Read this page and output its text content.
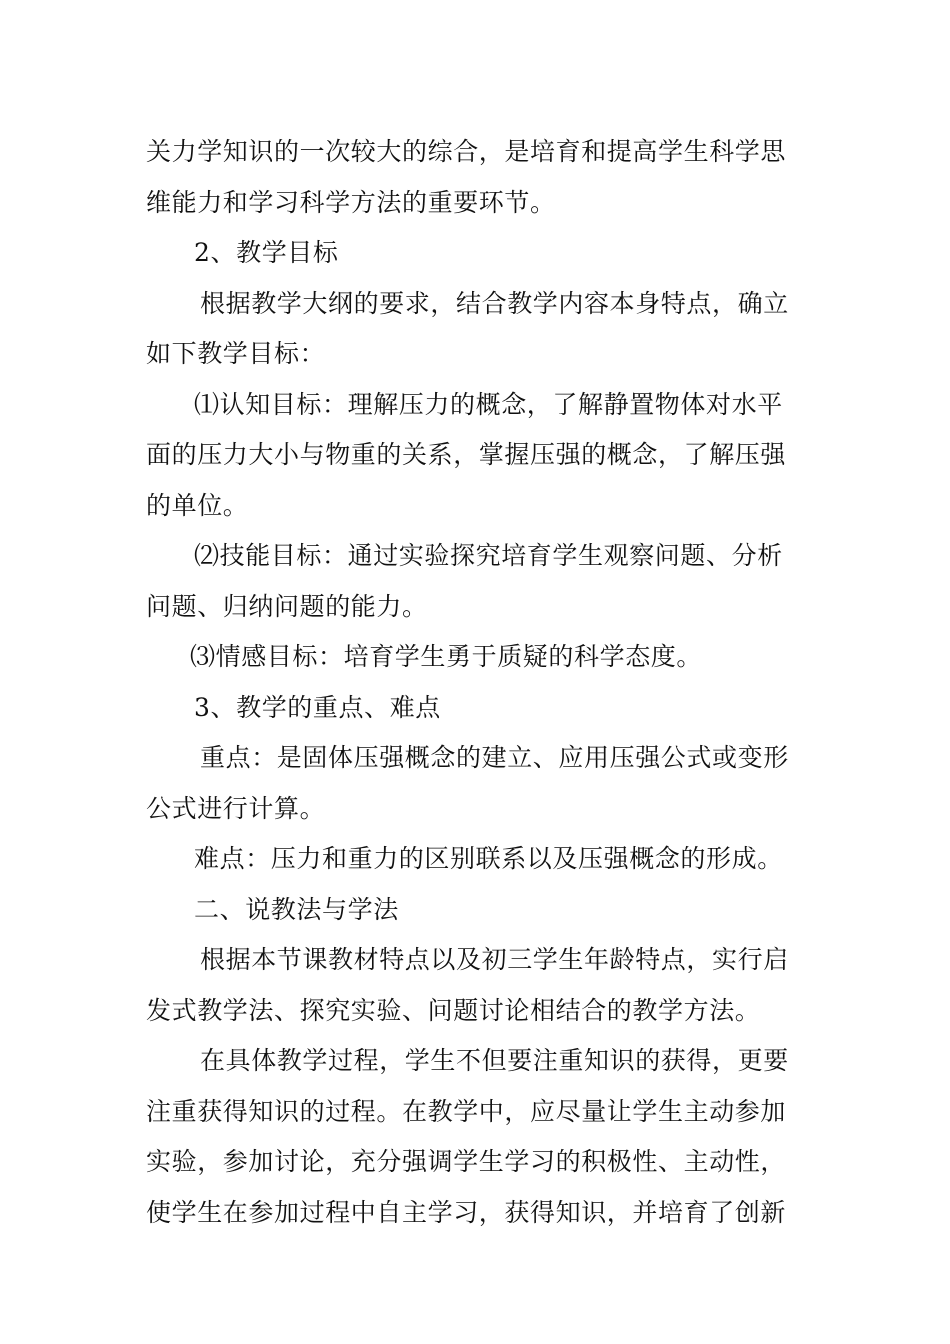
关力学知识的一次较大的综合，是培育和提高学生科学思

维能力和学习科学方法的重要环节。

2、教学目标

根据教学大纲的要求，结合教学内容本身特点，确立

如下教学目标：

⑴认知目标：理解压力的概念，了解静置物体对水平

面的压力大小与物重的关系，掌握压强的概念，了解压强

的单位。

⑵技能目标：通过实验探究培育学生观察问题、分析

问题、归纳问题的能力。

⑶情感目标：培育学生勇于质疑的科学态度。

3、教学的重点、难点

重点：是固体压强概念的建立、应用压强公式或变形

公式进行计算。

难点：压力和重力的区别联系以及压强概念的形成。

二、说教法与学法

根据本节课教材特点以及初三学生年龄特点，实行启

发式教学法、探究实验、问题讨论相结合的教学方法。

在具体教学过程，学生不但要注重知识的获得，更要

注重获得知识的过程。在教学中，应尽量让学生主动参加

实验，参加讨论，充分强调学生学习的积极性、主动性，

使学生在参加过程中自主学习，获得知识，并培育了创新
